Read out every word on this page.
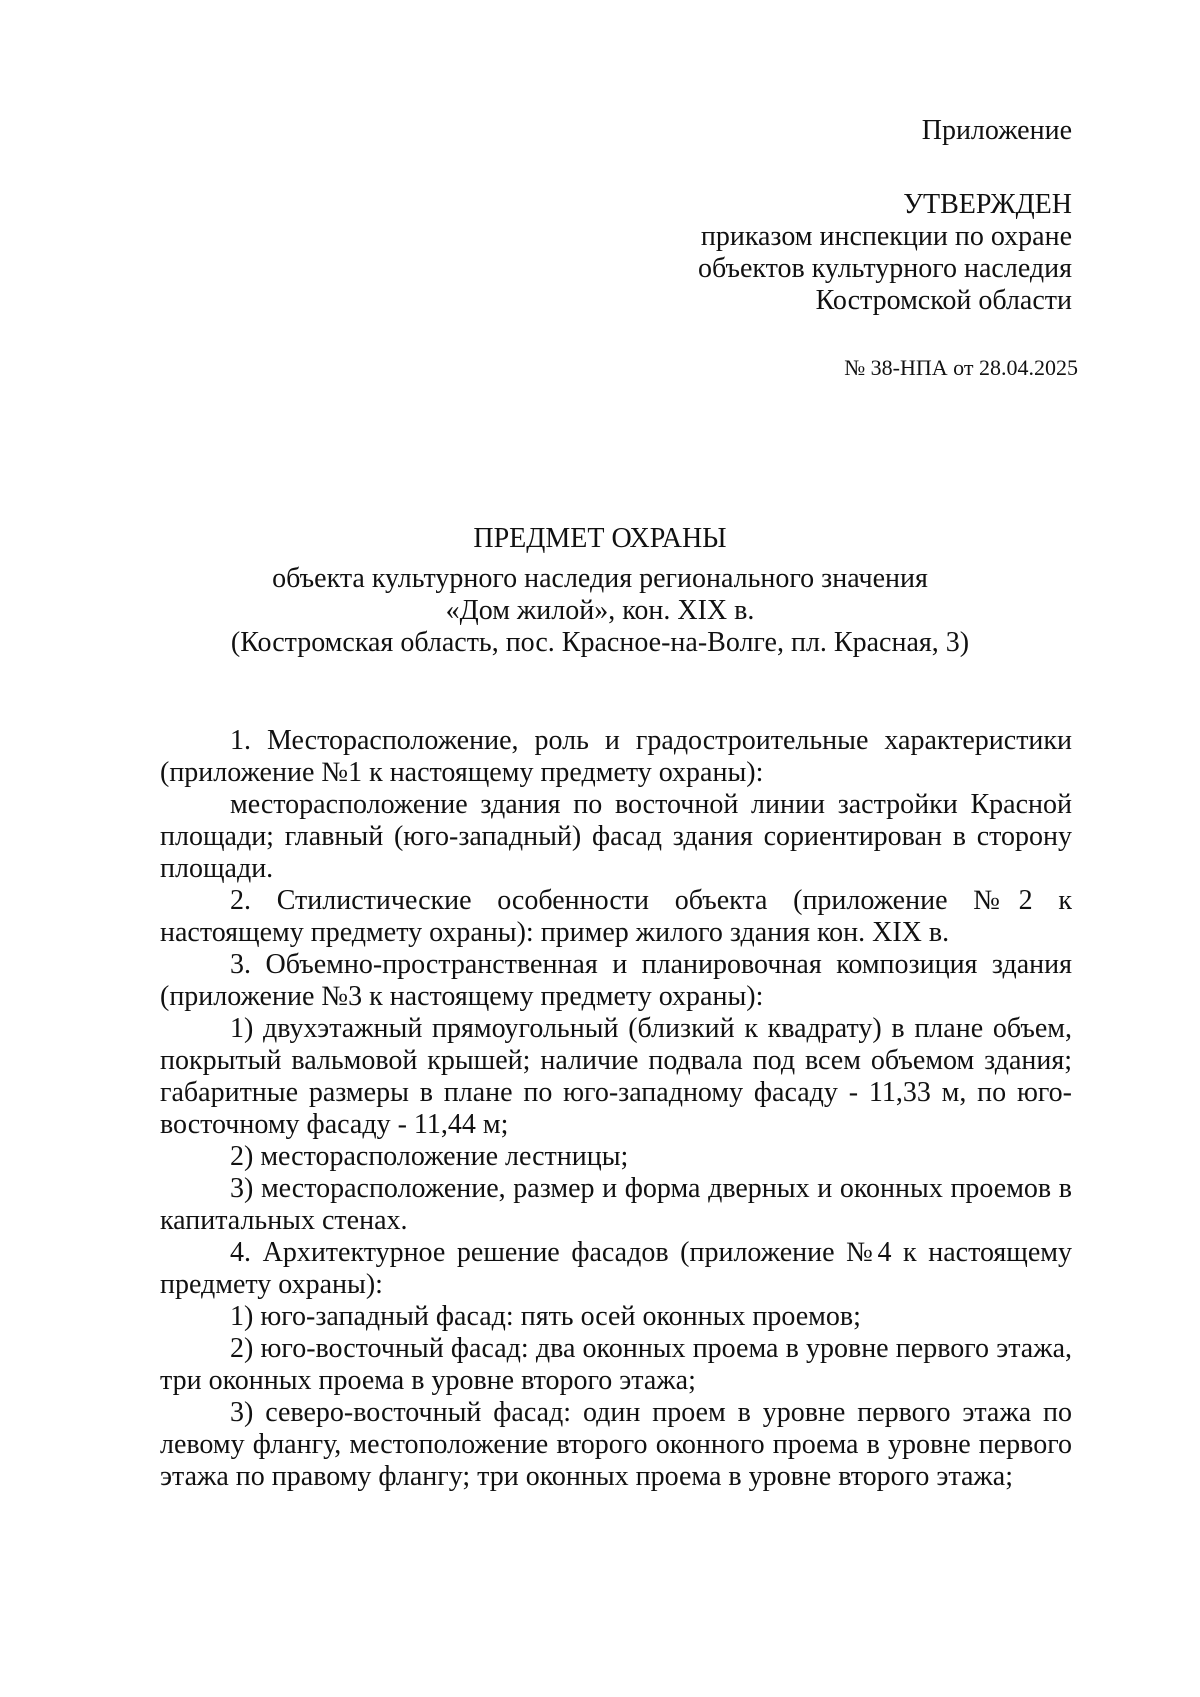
Приложение

УТВЕРЖДЕН
приказом инспекции по охране
объектов культурного наследия
Костромской области

№ 38-НПА от 28.04.2025

ПРЕДМЕТ ОХРАНЫ
объекта культурного наследия регионального значения
«Дом жилой», кон. XIX в.
(Костромская область, пос. Красное-на-Волге, пл. Красная, 3)

1. Месторасположение, роль и градостроительные характеристики (приложение №1 к настоящему предмету охраны):

месторасположение здания по восточной линии застройки Красной площади; главный (юго-западный) фасад здания сориентирован в сторону площади.

2. Стилистические особенности объекта (приложение №2 к настоящему предмету охраны): пример жилого здания кон. XIX в.

3. Объемно-пространственная и планировочная композиция здания (приложение №3 к настоящему предмету охраны):

1) двухэтажный прямоугольный (близкий к квадрату) в плане объем, покрытый вальмовой крышей; наличие подвала под всем объемом здания; габаритные размеры в плане по юго-западному фасаду - 11,33 м, по юго-восточному фасаду - 11,44 м;

2) месторасположение лестницы;

3) месторасположение, размер и форма дверных и оконных проемов в капитальных стенах.

4. Архитектурное решение фасадов (приложение №4 к настоящему предмету охраны):

1) юго-западный фасад: пять осей оконных проемов;

2) юго-восточный фасад: два оконных проема в уровне первого этажа, три оконных проема в уровне второго этажа;

3) северо-восточный фасад: один проем в уровне первого этажа по левому флангу, местоположение второго оконного проема в уровне первого этажа по правому флангу; три оконных проема в уровне второго этажа;
